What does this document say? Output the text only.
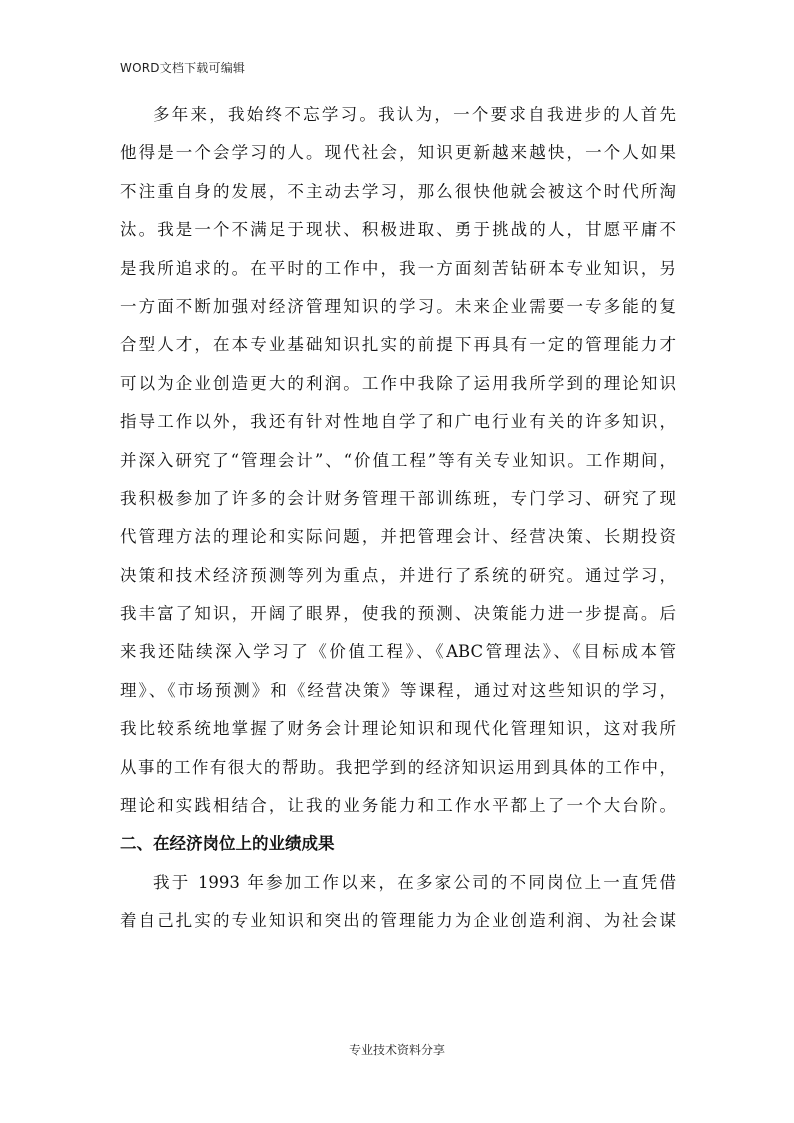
WORD文档下载可编辑
多年来，我始终不忘学习。我认为，一个要求自我进步的人首先
他得是一个会学习的人。现代社会，知识更新越来越快，一个人如果
不注重自身的发展，不主动去学习，那么很快他就会被这个时代所淘
汰。我是一个不满足于现状、积极进取、勇于挑战的人，甘愿平庸不
是我所追求的。在平时的工作中，我一方面刻苦钻研本专业知识，另
一方面不断加强对经济管理知识的学习。未来企业需要一专多能的复
合型人才，在本专业基础知识扎实的前提下再具有一定的管理能力才
可以为企业创造更大的利润。工作中我除了运用我所学到的理论知识
指导工作以外，我还有针对性地自学了和广电行业有关的许多知识，
并深入研究了“管理会计”、“价值工程”等有关专业知识。工作期间，
我积极参加了许多的会计财务管理干部训练班，专门学习、研究了现
代管理方法的理论和实际问题，并把管理会计、经营决策、长期投资
决策和技术经济预测等列为重点，并进行了系统的研究。通过学习，
我丰富了知识，开阔了眼界，使我的预测、决策能力进一步提高。后
来我还陆续深入学习了《价值工程》、《ABC管理法》、《目标成本管
理》、《市场预测》和《经营决策》等课程，通过对这些知识的学习，
我比较系统地掌握了财务会计理论知识和现代化管理知识，这对我所
从事的工作有很大的帮助。我把学到的经济知识运用到具体的工作中，
理论和实践相结合，让我的业务能力和工作水平都上了一个大台阶。
二、在经济岗位上的业绩成果
我于 1993 年参加工作以来，在多家公司的不同岗位上一直凭借
着自己扎实的专业知识和突出的管理能力为企业创造利润、为社会谋
专业技术资料分享
